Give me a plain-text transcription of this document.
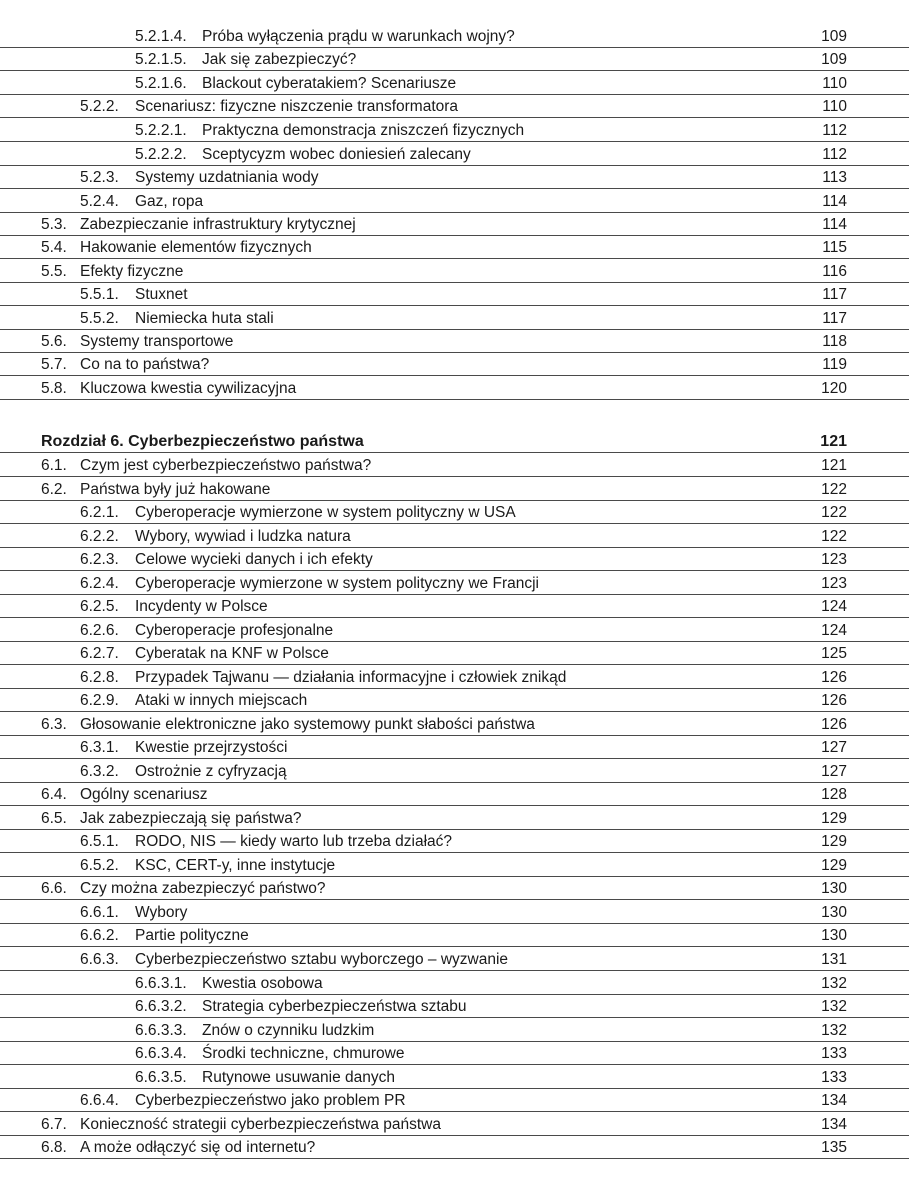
5.2.1.4. Próba wyłączenia prądu w warunkach wojny?	109
5.2.1.5. Jak się zabezpieczyć?	109
5.2.1.6. Blackout cyberatakiem? Scenariusze	110
5.2.2. Scenariusz: fizyczne niszczenie transformatora	110
5.2.2.1. Praktyczna demonstracja zniszczeń fizycznych	112
5.2.2.2. Sceptycyzm wobec doniesień zalecany	112
5.2.3. Systemy uzdatniania wody	113
5.2.4. Gaz, ropa	114
5.3. Zabezpieczanie infrastruktury krytycznej	114
5.4. Hakowanie elementów fizycznych	115
5.5. Efekty fizyczne	116
5.5.1. Stuxnet	117
5.5.2. Niemiecka huta stali	117
5.6. Systemy transportowe	118
5.7. Co na to państwa?	119
5.8. Kluczowa kwestia cywilizacyjna	120
Rozdział 6. Cyberbezpieczeństwo państwa	121
6.1. Czym jest cyberbezpieczeństwo państwa?	121
6.2. Państwa były już hakowane	122
6.2.1. Cyberoperacje wymierzone w system polityczny w USA	122
6.2.2. Wybory, wywiad i ludzka natura	122
6.2.3. Celowe wycieki danych i ich efekty	123
6.2.4. Cyberoperacje wymierzone w system polityczny we Francji	123
6.2.5. Incydenty w Polsce	124
6.2.6. Cyberoperacje profesjonalne	124
6.2.7. Cyberatak na KNF w Polsce	125
6.2.8. Przypadek Tajwanu — działania informacyjne i człowiek znikąd	126
6.2.9. Ataki w innych miejscach	126
6.3. Głosowanie elektroniczne jako systemowy punkt słabości państwa	126
6.3.1. Kwestie przejrzystości	127
6.3.2. Ostrożnie z cyfryzacją	127
6.4. Ogólny scenariusz	128
6.5. Jak zabezpieczają się państwa?	129
6.5.1. RODO, NIS — kiedy warto lub trzeba działać?	129
6.5.2. KSC, CERT-y, inne instytucje	129
6.6. Czy można zabezpieczyć państwo?	130
6.6.1. Wybory	130
6.6.2. Partie polityczne	130
6.6.3. Cyberbezpieczeństwo sztabu wyborczego – wyzwanie	131
6.6.3.1. Kwestia osobowa	132
6.6.3.2. Strategia cyberbezpieczeństwa sztabu	132
6.6.3.3. Znów o czynniku ludzkim	132
6.6.3.4. Środki techniczne, chmurowe	133
6.6.3.5. Rutynowe usuwanie danych	133
6.6.4. Cyberbezpieczeństwo jako problem PR	134
6.7. Konieczność strategii cyberbezpieczeństwa państwa	134
6.8. A może odłączyć się od internetu?	135
